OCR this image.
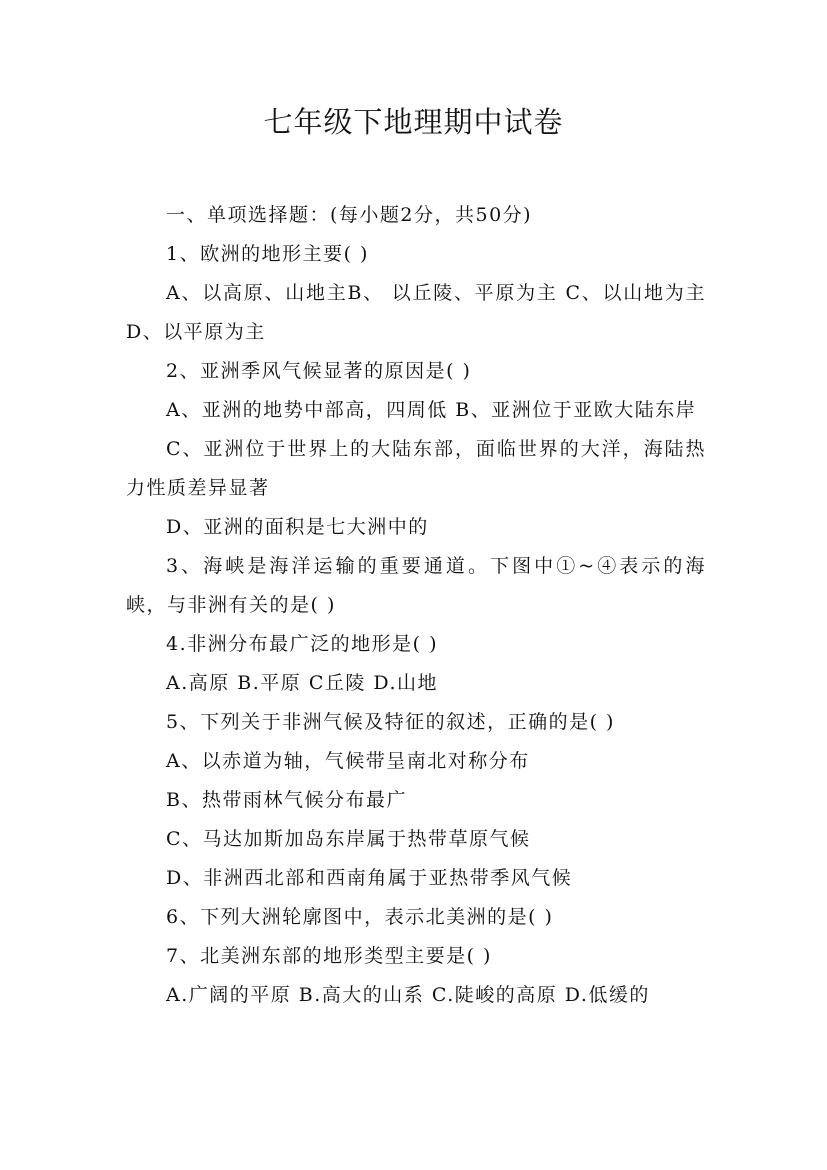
七年级下地理期中试卷

一、单项选择题：(每小题2分，共50分)

1、欧洲的地形主要( )

A、以高原、山地主B、 以丘陵、平原为主 C、以山地为主 D、以平原为主

2、亚洲季风气候显著的原因是( )

A、亚洲的地势中部高，四周低 B、亚洲位于亚欧大陆东岸

C、亚洲位于世界上的大陆东部，面临世界的大洋，海陆热力性质差异显著

D、亚洲的面积是七大洲中的

3、海峡是海洋运输的重要通道。下图中①~④表示的海峡，与非洲有关的是( )

4.非洲分布最广泛的地形是( )

A.高原 B.平原 C丘陵 D.山地

5、下列关于非洲气候及特征的叙述，正确的是( )

A、以赤道为轴，气候带呈南北对称分布

B、热带雨林气候分布最广

C、马达加斯加岛东岸属于热带草原气候

D、非洲西北部和西南角属于亚热带季风气候

6、下列大洲轮廓图中，表示北美洲的是( )

7、北美洲东部的地形类型主要是( )

A.广阔的平原 B.高大的山系 C.陡峻的高原 D.低缓的
